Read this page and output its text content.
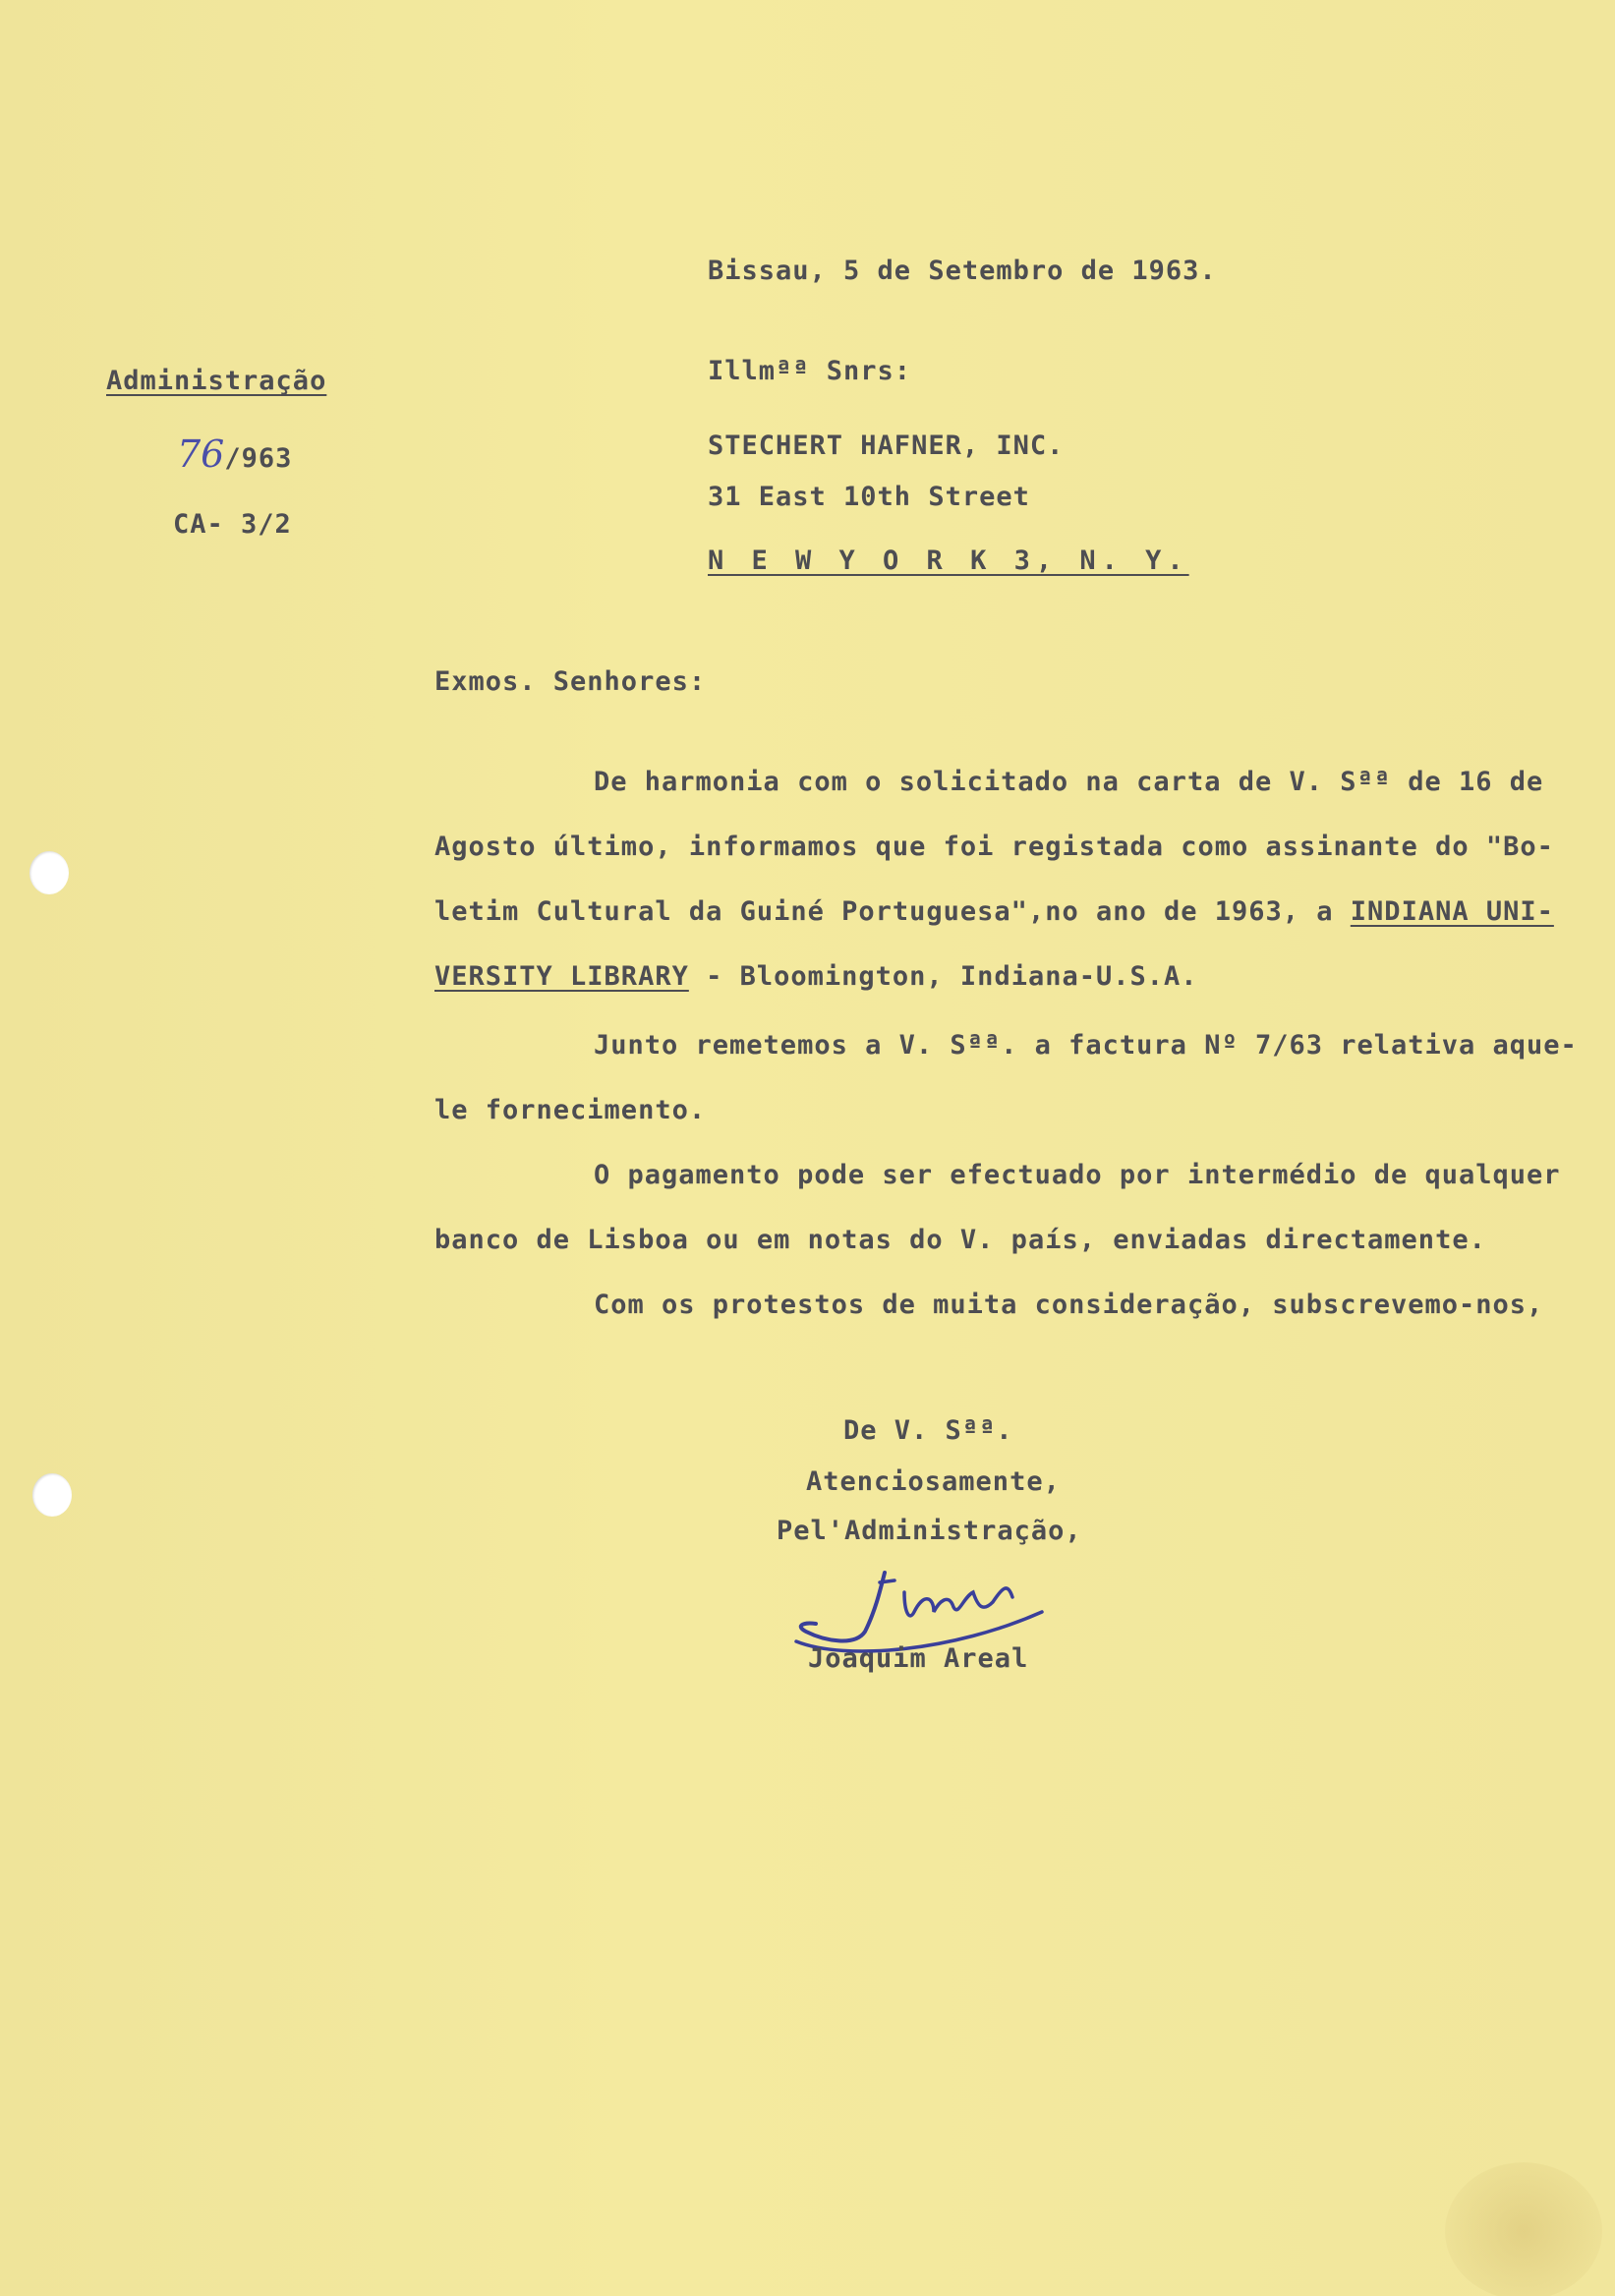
Bissau, 5 de Setembro de 1963.
Administração
76/963
CA- 3/2
Illmªª Snrs:
STECHERT HAFNER, INC.
31 East 10th Street
N E W Y O R K 3, N. Y.
Exmos. Senhores:
De harmonia com o solicitado na carta de V. Sªª de 16 de
Agosto último, informamos que foi registada como assinante do "Bo-
letim Cultural da Guiné Portuguesa",no ano de 1963, a INDIANA UNI-
VERSITY LIBRARY - Bloomington, Indiana-U.S.A.
Junto remetemos a V. Sªª. a factura Nº 7/63 relativa aque-
le fornecimento.
O pagamento pode ser efectuado por intermédio de qualquer
banco de Lisboa ou em notas do V. país, enviadas directamente.
Com os protestos de muita consideração, subscrevemo-nos,
De V. Sªª.
Atenciosamente,
Pel'Administração,
Joaquim Areal
